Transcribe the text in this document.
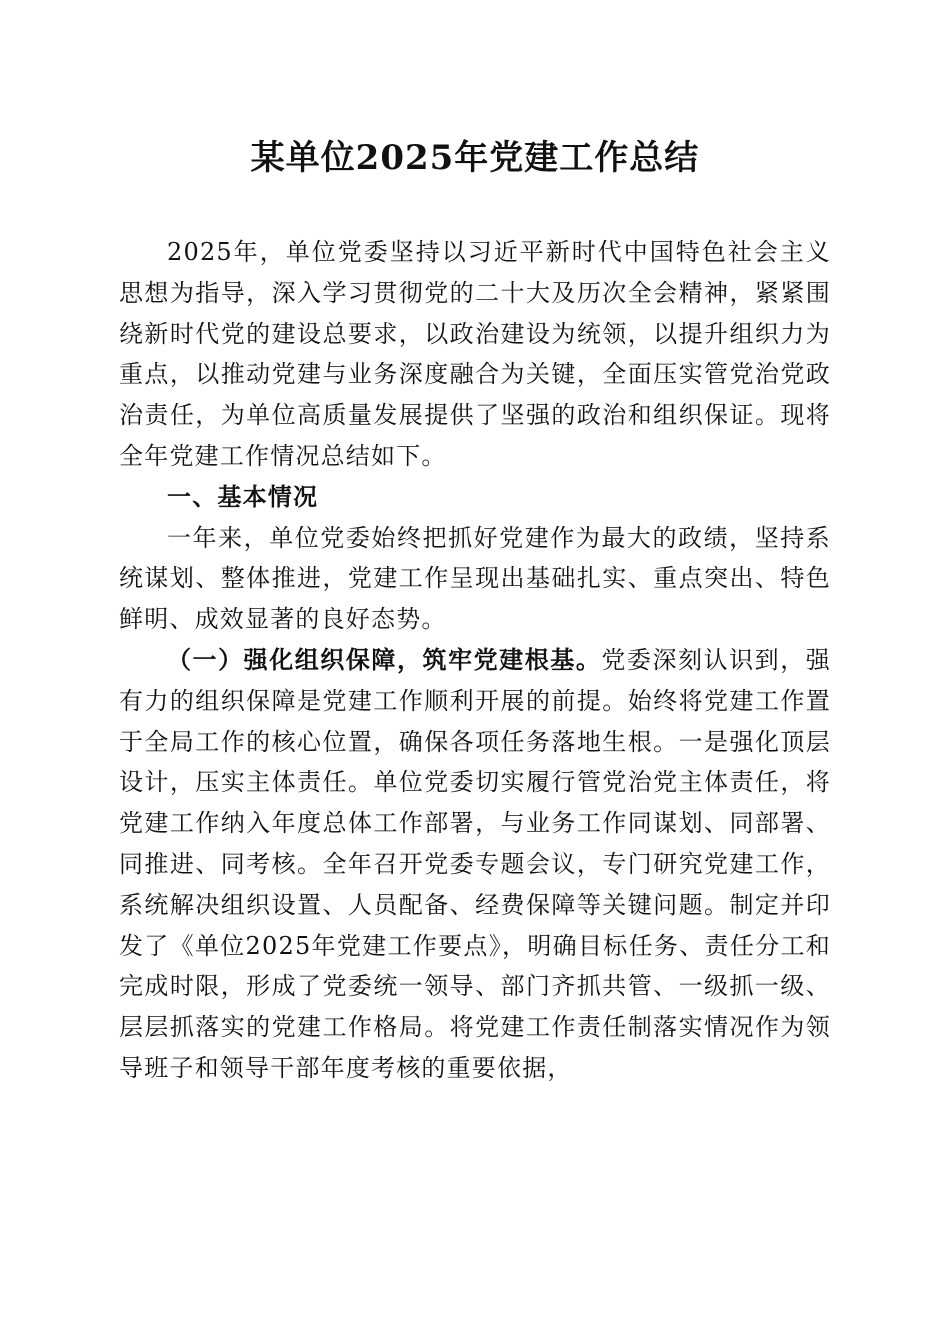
某单位2025年党建工作总结

2025年，单位党委坚持以习近平新时代中国特色社会主义思想为指导，深入学习贯彻党的二十大及历次全会精神，紧紧围绕新时代党的建设总要求，以政治建设为统领，以提升组织力为重点，以推动党建与业务深度融合为关键，全面压实管党治党政治责任，为单位高质量发展提供了坚强的政治和组织保证。现将全年党建工作情况总结如下。

一、基本情况

一年来，单位党委始终把抓好党建作为最大的政绩，坚持系统谋划、整体推进，党建工作呈现出基础扎实、重点突出、特色鲜明、成效显著的良好态势。

（一）强化组织保障，筑牢党建根基。党委深刻认识到，强有力的组织保障是党建工作顺利开展的前提。始终将党建工作置于全局工作的核心位置，确保各项任务落地生根。一是强化顶层设计，压实主体责任。单位党委切实履行管党治党主体责任，将党建工作纳入年度总体工作部署，与业务工作同谋划、同部署、同推进、同考核。全年召开党委专题会议，专门研究党建工作，系统解决组织设置、人员配备、经费保障等关键问题。制定并印发了《单位2025年党建工作要点》，明确目标任务、责任分工和完成时限，形成了党委统一领导、部门齐抓共管、一级抓一级、层层抓落实的党建工作格局。将党建工作责任制落实情况作为领导班子和领导干部年度考核的重要依据，
